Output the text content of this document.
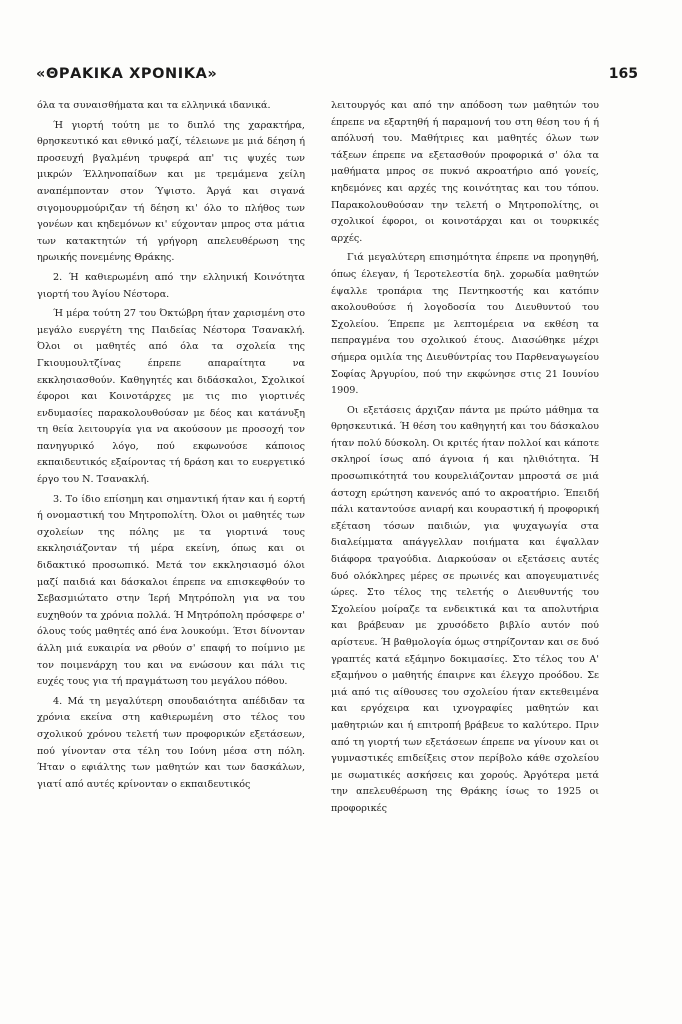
«ΘΡΑΚΙΚΑ ΧΡΟΝΙΚΑ»	165

όλα τα συναισθήματα και τα ελληνικά ιδανικά.

Ή γιορτή τούτη με το διπλό της χαρακτήρα, θρησκευτικό και εθνικό μαζί, τέλειωνε με μιά δέηση ή προσευχή βγαλμένη τρυφερά απ' τις ψυχές των μικρών Έλληνοπαίδων και με τρεμάμενα χείλη αναπέμπονταν στον Ύψιστο. Άργά και σιγανά σιγομουρμούριζαν τή δέηση κι' όλο το πλήθος των γονέων και κηδεμόνων κι' εύχονταν μπρος στα μάτια των κατακτητών τή γρήγορη απελευθέρωση της ηρωικής πονεμένης Θράκης.

2. Ή καθιερωμένη από την ελληνική Κοινότητα γιορτή του Άγίου Νέστορα.

Ή μέρα τούτη 27 του Όκτώβρη ήταν χαρισμένη στο μεγάλο ευεργέτη της Παιδείας Νέστορα Τσανακλή. Όλοι οι μαθητές από όλα τα σχολεία της Γκιουμουλτζίνας έπρεπε απαραίτητα να εκκλησιασθούν. Καθηγητές και διδάσκαλοι, Σχολικοί έφοροι και Κοινοτάρχες με τις πιο γιορτινές ενδυμασίες παρακολουθούσαν με δέος και κατάνυξη τη θεία λειτουργία για να ακούσουν με προσοχή τον πανηγυρικό λόγο, πού εκφωνούσε κάποιος εκπαιδευτικός εξαίροντας τή δράση και το ευεργετικό έργο του Ν. Τσανακλή.

3. Το ίδιο επίσημη και σημαντική ήταν και ή εορτή ή ονομαστική του Μητροπολίτη. Όλοι οι μαθητές των σχολείων της πόλης με τα γιορτινά τους εκκλησιάζονταν τή μέρα εκείνη, όπως και οι διδακτικό προσωπικό. Μετά τον εκκλησιασμό όλοι μαζί παιδιά και δάσκαλοι έπρεπε να επισκεφθούν το Σεβασμιώτατο στην Ίερή Μητρόπολη για να του ευχηθούν τα χρόνια πολλά. Ή Μητρόπολη πρόσφερε σ' όλους τούς μαθητές από ένα λουκούμι. Έτσι δίνονταν άλλη μιά ευκαιρία να ρθούν σ' επαφή το ποίμνιο με τον ποιμενάρχη του και να ενώσουν και πάλι τις ευχές τους για τή πραγμάτωση του μεγάλου πόθου.

4. Μά τη μεγαλύτερη σπουδαιότητα απέδιδαν τα χρόνια εκείνα στη καθιερωμένη στο τέλος του σχολικού χρόνου τελετή των προφορικών εξετάσεων, πού γίνονταν στα τέλη του Ιούνη μέσα στη πόλη. Ήταν ο εφιάλτης των μαθητών και των δασκάλων, γιατί από αυτές κρίνονταν ο εκπαιδευτικός

λειτουργός και από την απόδοση των μαθητών του έπρεπε να εξαρτηθή ή παραμονή του στη θέση του ή ή απόλυσή του. Μαθήτριες και μαθητές όλων των τάξεων έπρεπε να εξετασθούν προφορικά σ' όλα τα μαθήματα μπρος σε πυκνό ακροατήριο από γονείς, κηδεμόνες και αρχές της κοινότητας και του τόπου. Παρακολουθούσαν την τελετή ο Μητροπολίτης, οι σχολικοί έφοροι, οι κοινοτάρχαι και οι τουρκικές αρχές.

Γιά μεγαλύτερη επισημότητα έπρεπε να προηγηθή, όπως έλεγαν, ή Ίεροτελεστία δηλ. χορωδία μαθητών έψαλλε τροπάρια της Πεντηκοστής και κατόπιν ακολουθούσε ή λογοδοσία του Διευθυντού του Σχολείου. Έπρεπε με λεπτομέρεια να εκθέση τα πεπραγμένα του σχολικού έτους. Διασώθηκε μέχρι σήμερα ομιλία της Διευθύντρίας του Παρθεναγωγείου Σοφίας Άργυρίου, πού την εκφώνησε στις 21 Ιουνίου 1909.

Οι εξετάσεις άρχιζαν πάντα με πρώτο μάθημα τα θρησκευτικά. Ή θέση του καθηγητή και του δάσκαλου ήταν πολύ δύσκολη. Οι κριτές ήταν πολλοί και κάποτε σκληροί ίσως από άγνοια ή και ηλιθιότητα. Ή προσωπικότητά του κουρελιάζονταν μπροστά σε μιά άστοχη ερώτηση κανενός από το ακροατήριο. Έπειδή πάλι καταντούσε ανιαρή και κουραστική ή προφορική εξέταση τόσων παιδιών, για ψυχαγωγία στα διαλείμματα απάγγελλαν ποιήματα και έψαλλαν διάφορα τραγούδια. Διαρκούσαν οι εξετάσεις αυτές δυό ολόκληρες μέρες σε πρωινές και απογευματινές ώρες. Στο τέλος της τελετής ο Διευθυντής του Σχολείου μοίραζε τα ενδεικτικά και τα απολυτήρια και βράβευαν με χρυσόδετο βιβλίο αυτόν πού αρίστευε. Ή βαθμολογία όμως στηρίζονταν και σε δυό γραπτές κατά εξάμηνο δοκιμασίες. Στο τέλος του Α' εξαμήνου ο μαθητής έπαιρνε και έλεγχο προόδου. Σε μιά από τις αίθουσες του σχολείου ήταν εκτεθειμένα και εργόχειρα και ιχνογραφίες μαθητών και μαθητριών και ή επιτροπή βράβευε το καλύτερο. Πριν από τη γιορτή των εξετάσεων έπρεπε να γίνουν και οι γυμναστικές επιδείξεις στον περίβολο κάθε σχολείου με σωματικές ασκήσεις και χορούς. Άργότερα μετά την απελευθέρωση της Θράκης ίσως το 1925 οι προφορικές
